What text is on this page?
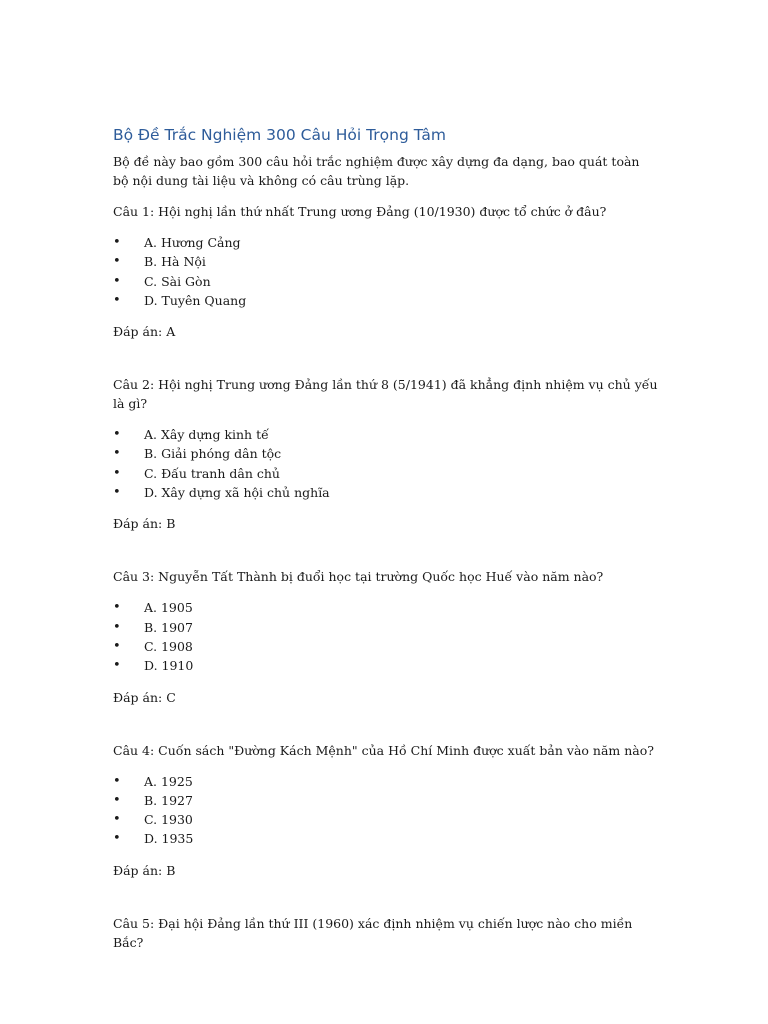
Bộ Đề Trắc Nghiệm 300 Câu Hỏi Trọng Tâm

Bộ đề này bao gồm 300 câu hỏi trắc nghiệm được xây dựng đa dạng, bao quát toàn bộ nội dung tài liệu và không có câu trùng lặp.

Câu 1: Hội nghị lần thứ nhất Trung ương Đảng (10/1930) được tổ chức ở đâu?

• A. Hương Cảng
• B. Hà Nội
• C. Sài Gòn
• D. Tuyên Quang

Đáp án: A

Câu 2: Hội nghị Trung ương Đảng lần thứ 8 (5/1941) đã khẳng định nhiệm vụ chủ yếu là gì?

• A. Xây dựng kinh tế
• B. Giải phóng dân tộc
• C. Đấu tranh dân chủ
• D. Xây dựng xã hội chủ nghĩa

Đáp án: B

Câu 3: Nguyễn Tất Thành bị đuổi học tại trường Quốc học Huế vào năm nào?

• A. 1905
• B. 1907
• C. 1908
• D. 1910

Đáp án: C

Câu 4: Cuốn sách "Đường Kách Mệnh" của Hồ Chí Minh được xuất bản vào năm nào?

• A. 1925
• B. 1927
• C. 1930
• D. 1935

Đáp án: B

Câu 5: Đại hội Đảng lần thứ III (1960) xác định nhiệm vụ chiến lược nào cho miền Bắc?
